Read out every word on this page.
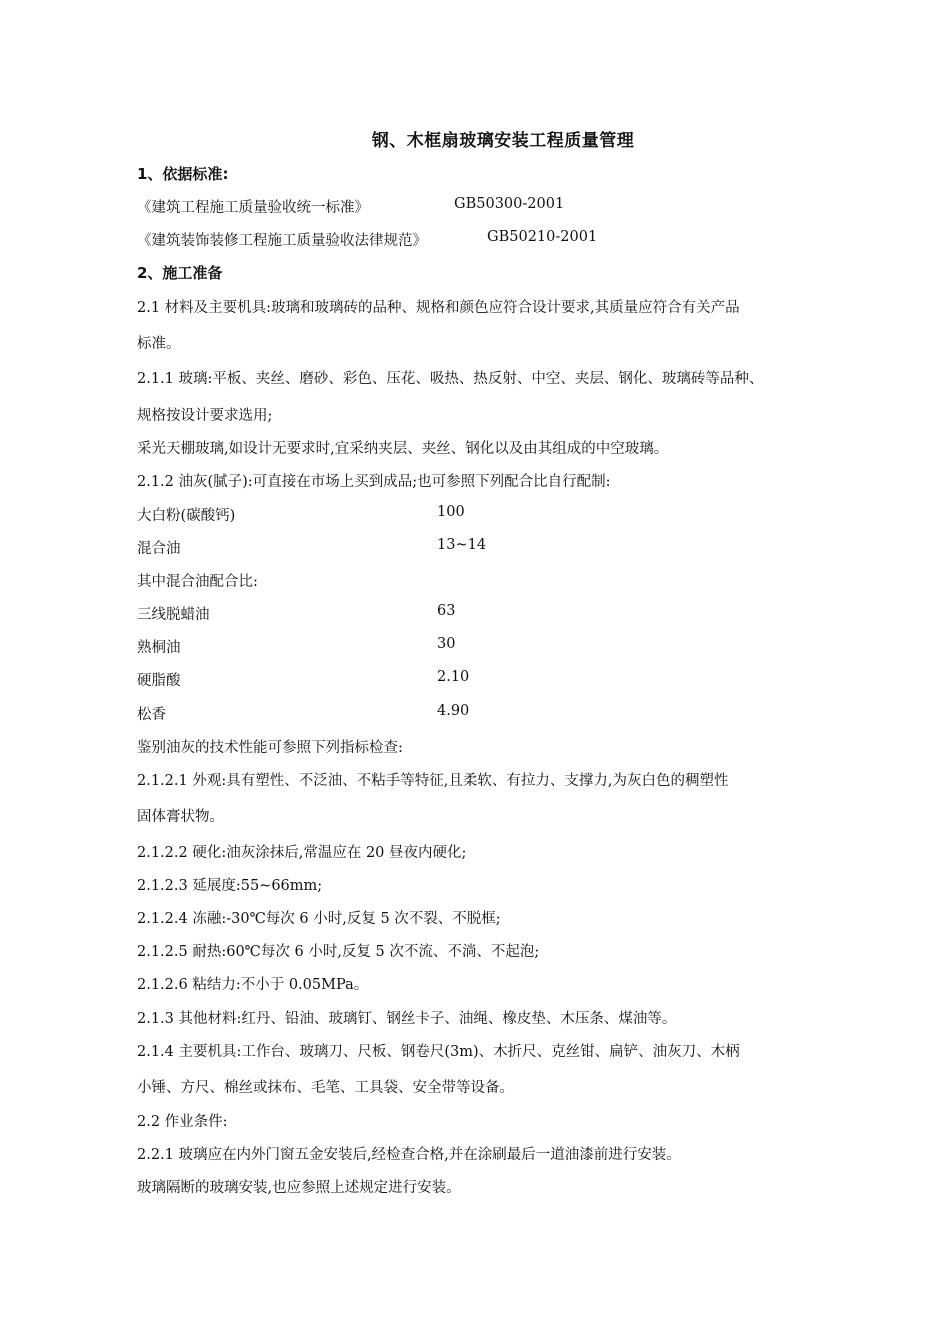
钢、木框扇玻璃安装工程质量管理
1、依据标准:
《建筑工程施工质量验收统一标准》	GB50300-2001
《建筑装饰装修工程施工质量验收法律规范》	GB50210-2001
2、施工准备
2.1 材料及主要机具:玻璃和玻璃砖的品种、规格和颜色应符合设计要求,其质量应符合有关产品
标准。
2.1.1 玻璃:平板、夹丝、磨砂、彩色、压花、吸热、热反射、中空、夹层、钢化、玻璃砖等品种、
规格按设计要求选用;
采光天棚玻璃,如设计无要求时,宜采纳夹层、夹丝、钢化以及由其组成的中空玻璃。
2.1.2 油灰(腻子):可直接在市场上买到成品;也可参照下列配合比自行配制:
大白粉(碳酸钙)	100
混合油	13~14
其中混合油配合比:
三线脱蜡油	63
熟桐油	30
硬脂酸	2.10
松香	4.90
鉴别油灰的技术性能可参照下列指标检查:
2.1.2.1 外观:具有塑性、不泛油、不粘手等特征,且柔软、有拉力、支撑力,为灰白色的稠塑性
固体膏状物。
2.1.2.2 硬化:油灰涂抹后,常温应在 20 昼夜内硬化;
2.1.2.3 延展度:55~66mm;
2.1.2.4 冻融:-30℃每次 6 小时,反复 5 次不裂、不脱框;
2.1.2.5 耐热:60℃每次 6 小时,反复 5 次不流、不淌、不起泡;
2.1.2.6 粘结力:不小于 0.05MPa。
2.1.3 其他材料:红丹、铅油、玻璃钉、钢丝卡子、油绳、橡皮垫、木压条、煤油等。
2.1.4 主要机具:工作台、玻璃刀、尺板、钢卷尺(3m)、木折尺、克丝钳、扁铲、油灰刀、木柄
小锤、方尺、棉丝或抹布、毛笔、工具袋、安全带等设备。
2.2 作业条件:
2.2.1 玻璃应在内外门窗五金安装后,经检查合格,并在涂刷最后一道油漆前进行安装。
玻璃隔断的玻璃安装,也应参照上述规定进行安装。
